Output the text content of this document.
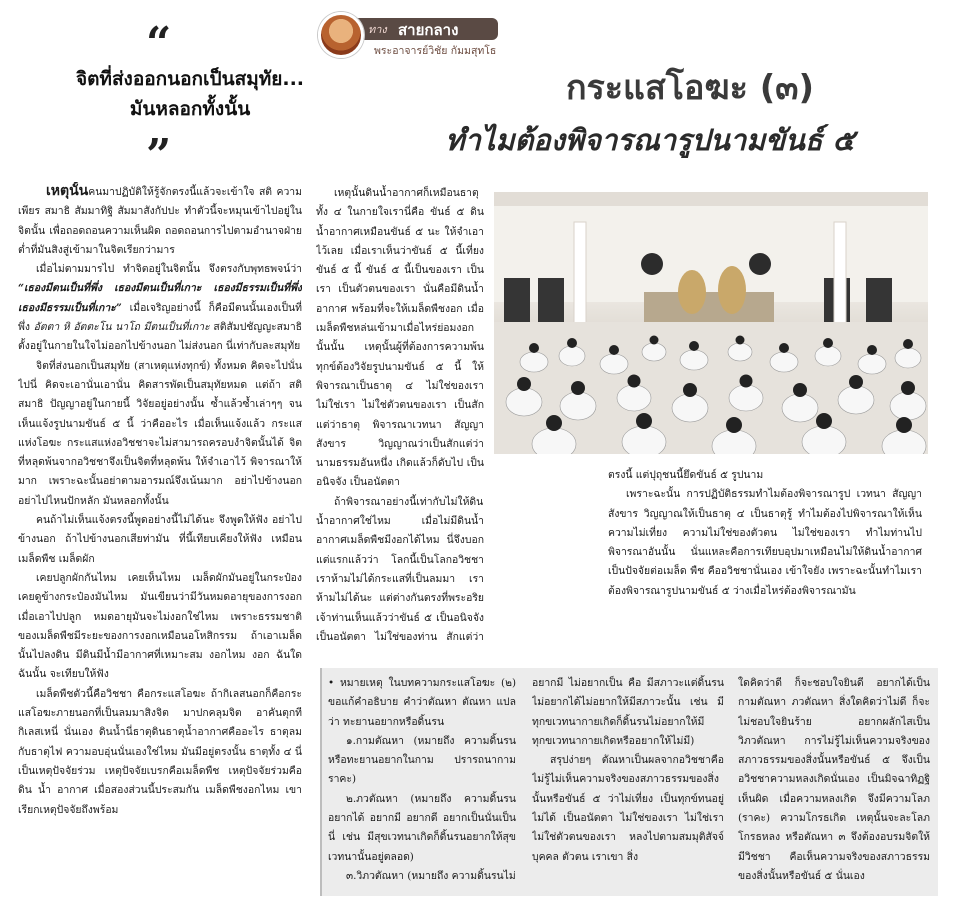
ทาง สายกลาง
พระอาจารย์วิชัย กัมมสุทโธ
“
จิตที่ส่งออกนอกเป็นสมุทัย...
มันหลอกทั้งนั้น
”
กระแสโอฆะ (๓)
ทำไมต้องพิจารณารูปนามขันธ์ ๕

เหตุนั้นคนมาปฏิบัติให้รู้จักตรงนี้แล้วจะเข้าใจ สติ ความเพียร สมาธิ สัมมาทิฐิ สัมมาสังกัปปะ ทำตัวนี้จะหมุนเข้าไปอยู่ในจิตนั้น เพื่อถอดถอนความเห็นผิด ถอดถอนการไปตามอำนาจฝ่ายต่ำที่มันสิงสู่เข้ามาในจิตเรียกว่ามาร

เมื่อไม่ตามมารไป ทำจิตอยู่ในจิตนั้น จึงตรงกับพุทธพจน์ว่า “เธองมีตนเป็นที่พึ่ง เธองมีตนเป็นที่เกาะ เธองมีธรรมเป็นที่พึ่ง เธองมีธรรมเป็นที่เกาะ” เมื่อเจริญอย่างนี้ ก็คือมีตนนั้นเองเป็นที่พึ่ง อัตตา หิ อัตตะโน นาโถ มีตนเป็นที่เกาะ สติสัมปชัญญะสมาธิตั้งอยู่ในกายในใจไม่ออกไปข้างนอก ไม่ส่งนอก นี่เท่ากับละสมุทัย

จิตที่ส่งนอกเป็นสมุทัย (สาเหตุแห่งทุกข์) ทั้งหมด คิดจะไปนั่นไปนี่ คิดจะเอานั่นเอานั่น คิดสารพัดเป็นสมุทัยหมด แต่ถ้า สติ สมาธิ ปัญญาอยู่ในกายนี้ วิจัยอยู่อย่างนั้น ซ้ำแล้วซ้ำเล่าๆๆ จนเห็นแจ้งรูปนามขันธ์ ๕ นี้ ว่าคืออะไร เมื่อเห็นแจ้งแล้ว กระแสแห่งโอฆะ กระแสแห่งอวิชชาจะไม่สามารถครอบงำจิตนั้นได้ จิตที่หลุดพ้นจากอวิชชาจึงเป็นจิตที่หลุดพ้น ให้จำเอาไว้ พิจารณาให้มาก เพราะฉะนั้นอย่าตามอารมณ์จึงเน้นมาก อย่าไปข้างนอก อย่าไปไหนปักหลัก มันหลอกทั้งนั้น

คนถ้าไม่เห็นแจ้งตรงนี้พูดอย่างนี้ไม่ได้นะ จึงพูดให้ฟัง อย่าไปข้างนอก ถ้าไปข้างนอกเสียท่ามัน ที่นี้เทียบเคียงให้ฟัง เหมือนเมล็ดพืช เมล็ดผัก

เคยปลูกผักกันไหม เคยเห็นไหม เมล็ดผักมันอยู่ในกระป๋อง เคยดูข้างกระป๋องมันไหม มันเขียนว่ามีวันหมดอายุของการงอก เมื่อเอาไปปลูก หมดอายุมันจะไม่งอกใช่ไหม เพราะธรรมชาติของเมล็ดพืชมีระยะของการงอกเหมือนอโหสิกรรม ถ้าเอาเมล็ดนั้นไปลงดิน มีดินมีน้ำมีอากาศที่เหมาะสม งอกไหม งอก ฉันใดฉันนั้น จะเทียบให้ฟัง

เมล็ดพืชตัวนี้คือวิชชา คือกระแสโอฆะ ถ้ากิเลสนอกก็คือกระแสโอฆะภายนอกที่เป็นลมมาสิงจิต มาปกคลุมจิต อาคันตุกที กิเลสเหนี่ นั่นเอง ดินน้ำนี่ธาตุดินธาตุน้ำอากาศคืออะไร ธาตุลมกับธาตุไฟ ความอบอุ่นนั่นเองใช่ไหม มันมีอยู่ตรงนั้น ธาตุทั้ง ๔ นี่เป็นเหตุปัจจัยร่วม เหตุปัจจัยเบรกคือเมล็ดพืช เหตุปัจจัยร่วมคือดิน น้ำ อากาศ เมื่อสองส่วนนี้ประสมกัน เมล็ดพืชงอกไหม เขาเรียกเหตุปัจจัยถึงพร้อม

เหตุนั้นดินน้ำอากาศก็เหมือนธาตุทั้ง ๔ ในกายใจเรานี่คือ ขันธ์ ๕ ดินน้ำอากาศเหมือนขันธ์ ๕ นะ ให้จำเอาไว้เลย เมื่อเราเห็นว่าขันธ์ ๕ นี้เที่ยง ขันธ์ ๕ นี้ ขันธ์ ๕ นี้เป็นของเรา เป็นเรา เป็นตัวตนของเรา นั่นคือมีดินน้ำอากาศ พร้อมที่จะให้เมล็ดพืชงอก เมื่อเมล็ดพืชหล่นเข้ามาเมื่อไหร่ย่อมงอกนั้นนั้น เหตุนั้นผู้ที่ต้องการความพ้นทุกข์ต้องวิจัยรูปนามขันธ์ ๕ นี้ ให้พิจารณาเป็นธาตุ ๔ ไม่ใช่ของเรา ไม่ใช่เรา ไม่ใช่ตัวตนของเรา เป็นสักแต่ว่าธาตุ พิจารณาเวทนา สัญญา สังขาร วิญญาณว่าเป็นสักแต่ว่านามธรรมอันหนึ่ง เกิดแล้วก็ดับไป เป็นอนิจจัง เป็นอนัตตา

ถ้าพิจารณาอย่างนี้เท่ากับไม่ให้ดินน้ำอากาศใช่ไหม เมื่อไม่มีดินน้ำ อากาศเมล็ดพืชมีงอกได้ไหม นี่จึงบอกแต่แรกแล้วว่า โลกนี้เป็นโลกอวิชชา เราห้ามไม่ได้กระแสที่เป็นลมมา เราห้ามไม่ได้นะ แต่ต่างกันตรงที่พระอริยเจ้าท่านเห็นแล้วว่าขันธ์ ๕ เป็นอนิจจัง เป็นอนัตตา ไม่ใช่ของท่าน สักแต่ว่า

ตรงนี้ แต่ปุถุชนนี้ยึดขันธ์ ๕ รูปนาม

เพราะฉะนั้น การปฏิบัติธรรมทำไมต้องพิจารณารูป เวทนา สัญญา สังขาร วิญญาณให้เป็นธาตุ ๔ เป็นธาตุรู้ ทำไมต้องไปพิจารณาให้เห็นความไม่เที่ยง ความไม่ใช่ของตัวตน ไม่ใช่ของเรา ทำไมท่านไปพิจารณาอันนั้น นั่นแหละคือการเทียบอุปมาเหมือนไม่ให้ดินน้ำอากาศเป็นปัจจัยต่อเมล็ด พืช คืออวิชชานั่นเอง เข้าใจยัง เพราะฉะนั้นทำไมเราต้องพิจารณารูปนามขันธ์ ๕ ว่างเมื่อไหร่ต้องพิจารณามัน

• หมายเหตุ ในบทความกระแสโอฆะ (๒) ขอแก้คำอธิบาย คำว่าตัณหา ตัณหา แปลว่า ทะยานอยากหรือดิ้นรน

๑.กามตัณหา (หมายถึง ความดิ้นรน หรือทะยานอยากในกาม ปรารถนากาม ราคะ)

๒.ภวตัณหา (หมายถึง ความดิ้นรน อยากได้ อยากมี อยากดี อยากเป็นนั่นเป็นนี่ เช่น มีสุขเวทนาเกิดก็ดิ้นรนอยากให้สุขเวทนานั้นอยู่ตลอด)

๓.วิภวตัณหา (หมายถึง ความดิ้นรนไม่

อยากมี ไม่อยากเป็น คือ มีสภาวะแต่ดิ้นรนไม่อยากได้ไม่อยากให้มีสภาวะนั้น เช่น มีทุกขเวทนากายเกิดก็ดิ้นรนไม่อยากให้มีทุกขเวทนากายเกิดหรืออยากให้ไม่มี)

สรุปง่ายๆ ตัณหาเป็นผลจากอวิชชาคือไม่รู้ไม่เห็นความจริงของสภาวธรรมของสิ่งนั้นหรือขันธ์ ๕ ว่าไม่เที่ยง เป็นทุกข์ทนอยู่ไม่ได้ เป็นอนัตตา ไม่ใช่ของเรา ไม่ใช่เรา ไม่ใช่ตัวตนของเรา หลงไปตามสมมุติสัจจ์ บุคคล ตัวตน เราเขา สิ่ง

ใดคิดว่าดี ก็จะชอบใจยินดี อยากได้เป็นกามตัณหา ภวตัณหา สิ่งใดคิดว่าไม่ดี ก็จะไม่ชอบใจยินร้าย อยากผลักไสเป็นวิภวตัณหา การไม่รู้ไม่เห็นความจริงของสภาวธรรมของสิ่งนั้นหรือขันธ์ ๕ จึงเป็นอวิชชาความหลงเกิดนั่นเอง เป็นมิจฉาทิฏฐิเห็นผิด เมื่อความหลงเกิด จึงมีความโลภ (ราคะ) ความโกรธเกิด เหตุนั้นจะละโลภโกรธหลง หรือตัณหา ๓ จึงต้องอบรมจิตให้มีวิชชา คือเห็นความจริงของสภาวธรรมของสิ่งนั้นหรือขันธ์ ๕ นั่นเอง
